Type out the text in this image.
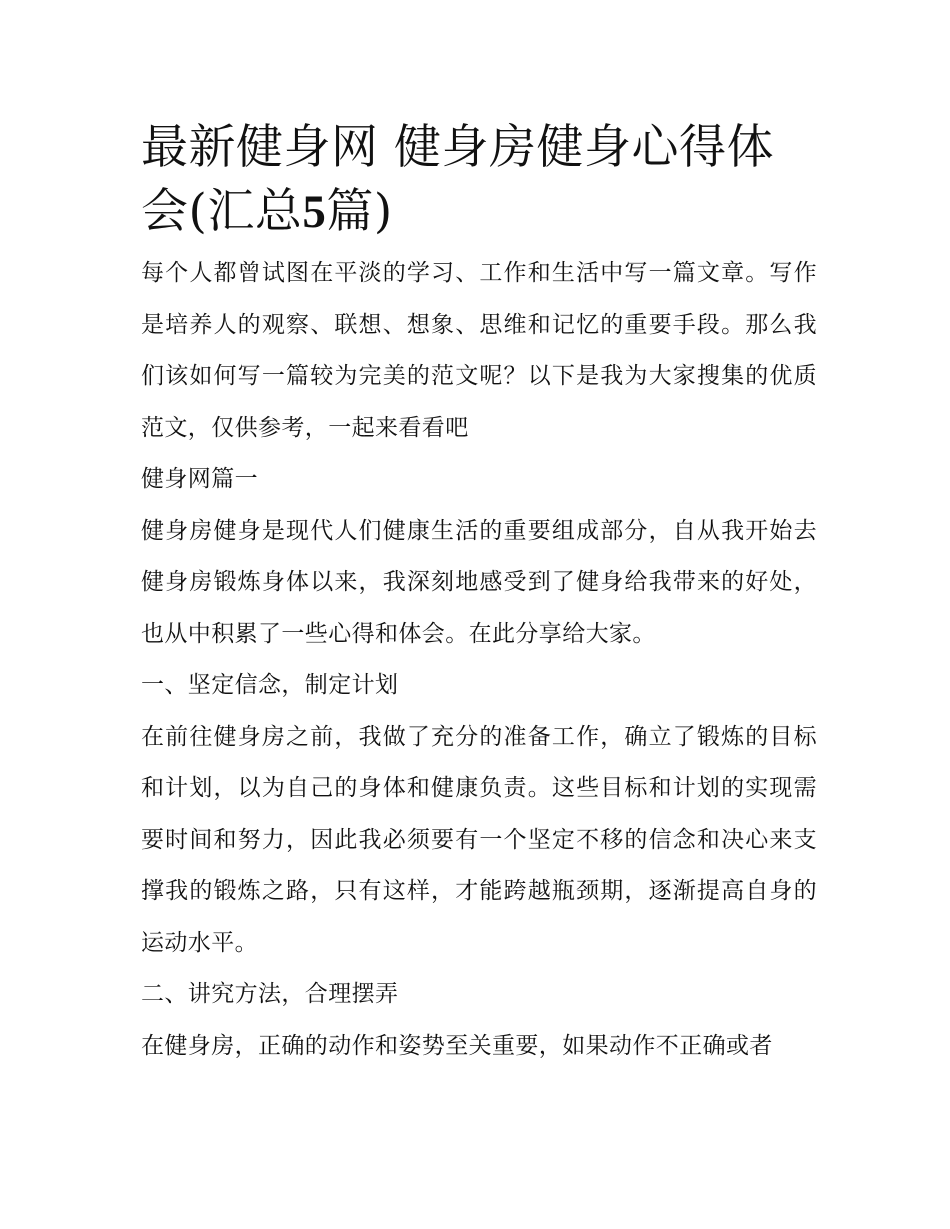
最新健身网 健身房健身心得体会(汇总5篇)

每个人都曾试图在平淡的学习、工作和生活中写一篇文章。写作是培养人的观察、联想、想象、思维和记忆的重要手段。那么我们该如何写一篇较为完美的范文呢？以下是我为大家搜集的优质范文，仅供参考，一起来看看吧

健身网篇一

健身房健身是现代人们健康生活的重要组成部分，自从我开始去健身房锻炼身体以来，我深刻地感受到了健身给我带来的好处，也从中积累了一些心得和体会。在此分享给大家。

一、坚定信念，制定计划

在前往健身房之前，我做了充分的准备工作，确立了锻炼的目标和计划，以为自己的身体和健康负责。这些目标和计划的实现需要时间和努力，因此我必须要有一个坚定不移的信念和决心来支撑我的锻炼之路，只有这样，才能跨越瓶颈期，逐渐提高自身的运动水平。

二、讲究方法，合理摆弄

在健身房，正确的动作和姿势至关重要，如果动作不正确或者
